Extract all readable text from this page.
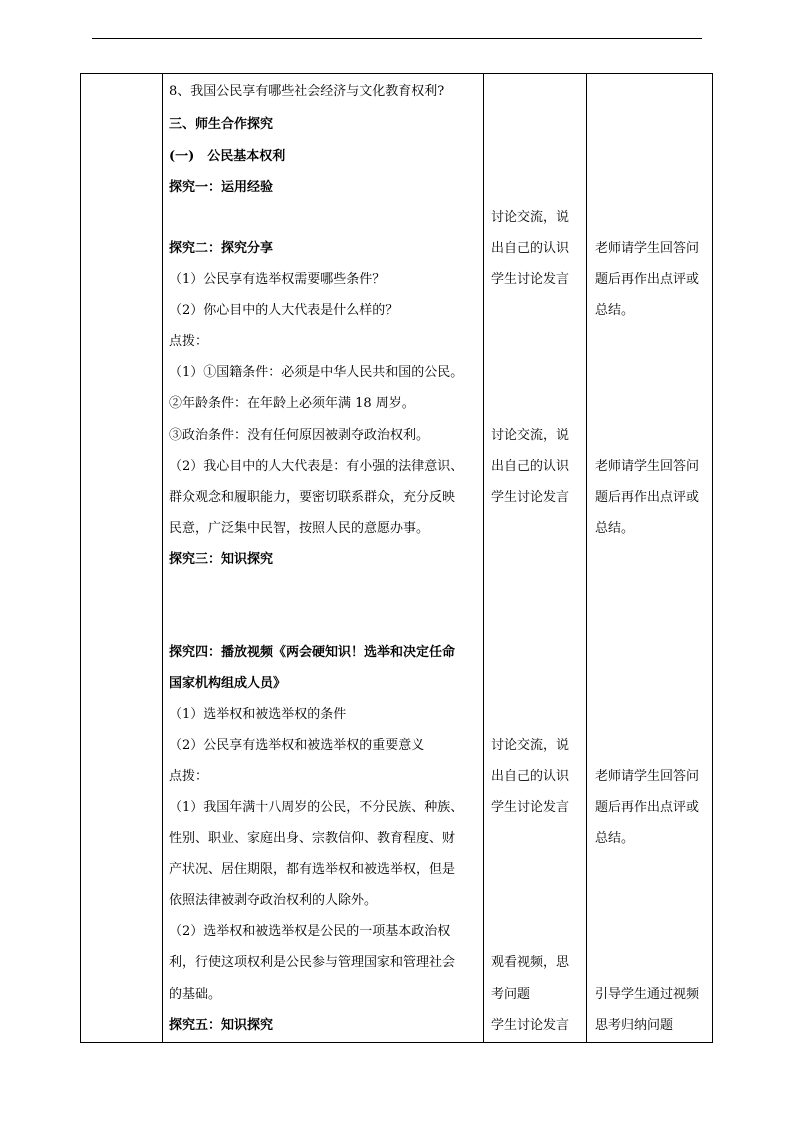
8、我国公民享有哪些社会经济与文化教育权利?
三、师生合作探究
(一)　公民基本权利
探究一：运用经验
探究二：探究分享
（1）公民享有选举权需要哪些条件？
（2）你心目中的人大代表是什么样的？
点拨：
（1）①国籍条件：必须是中华人民共和国的公民。
②年龄条件：在年龄上必须年满 18 周岁。
③政治条件：没有任何原因被剥夺政治权利。
（2）我心目中的人大代表是：有小强的法律意识、
群众观念和履职能力，要密切联系群众，充分反映
民意，广泛集中民智，按照人民的意愿办事。
探究三：知识探究
探究四：播放视频《两会硬知识！选举和决定任命
国家机构组成人员》
（1）选举权和被选举权的条件
（2）公民享有选举权和被选举权的重要意义
点拨：
（1）我国年满十八周岁的公民，不分民族、种族、
性别、职业、家庭出身、宗教信仰、教育程度、财
产状况、居住期限，都有选举权和被选举权，但是
依照法律被剥夺政治权利的人除外。
（2）选举权和被选举权是公民的一项基本政治权
利，行使这项权利是公民参与管理国家和管理社会
的基础。
探究五：知识探究
讨论交流，说
出自己的认识
学生讨论发言
讨论交流，说
出自己的认识
学生讨论发言
讨论交流，说
出自己的认识
学生讨论发言
观看视频，思
考问题
学生讨论发言
老师请学生回答问
题后再作出点评或
总结。
老师请学生回答问
题后再作出点评或
总结。
老师请学生回答问
题后再作出点评或
总结。
引导学生通过视频
思考归纳问题
